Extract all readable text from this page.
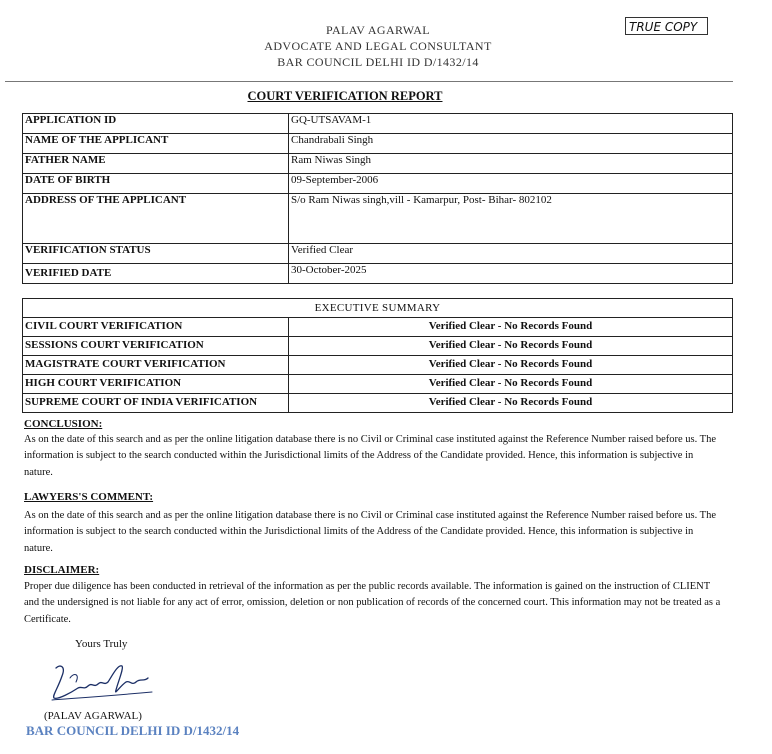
PALAV AGARWAL
ADVOCATE AND LEGAL CONSULTANT
BAR COUNCIL DELHI ID D/1432/14
TRUE COPY
COURT VERIFICATION REPORT
APPLICATION ID	GQ-UTSAVAM-1
NAME OF THE APPLICANT	Chandrabali Singh
FATHER NAME	Ram Niwas Singh
DATE OF BIRTH	09-September-2006
ADDRESS OF THE APPLICANT	S/o Ram Niwas singh,vill - Kamarpur, Post- Bihar- 802102
VERIFICATION STATUS	Verified Clear
VERIFIED DATE	30-October-2025
EXECUTIVE SUMMARY	
CIVIL COURT VERIFICATION	Verified Clear - No Records Found
SESSIONS COURT VERIFICATION	Verified Clear - No Records Found
MAGISTRATE COURT VERIFICATION	Verified Clear - No Records Found
HIGH COURT VERIFICATION	Verified Clear - No Records Found
SUPREME COURT OF INDIA VERIFICATION	Verified Clear - No Records Found
CONCLUSION:
As on the date of this search and as per the online litigation database there is no Civil or Criminal case instituted against the Reference Number raised before us. The information is subject to the search conducted within the Jurisdictional limits of the Address of the Candidate provided. Hence, this information is subjective in nature.
LAWYERS'S COMMENT:
As on the date of this search and as per the online litigation database there is no Civil or Criminal case instituted against the Reference Number raised before us. The information is subject to the search conducted within the Jurisdictional limits of the Address of the Candidate provided. Hence, this information is subjective in nature.
DISCLAIMER:
Proper due diligence has been conducted in retrieval of the information as per the public records available. The information is gained on the instruction of CLIENT and the undersigned is not liable for any act of error, omission, deletion or non publication of records of the concerned court. This information may not be treated as a Certificate.
Yours Truly
(PALAV AGARWAL)
BAR COUNCIL DELHI ID D/1432/14
